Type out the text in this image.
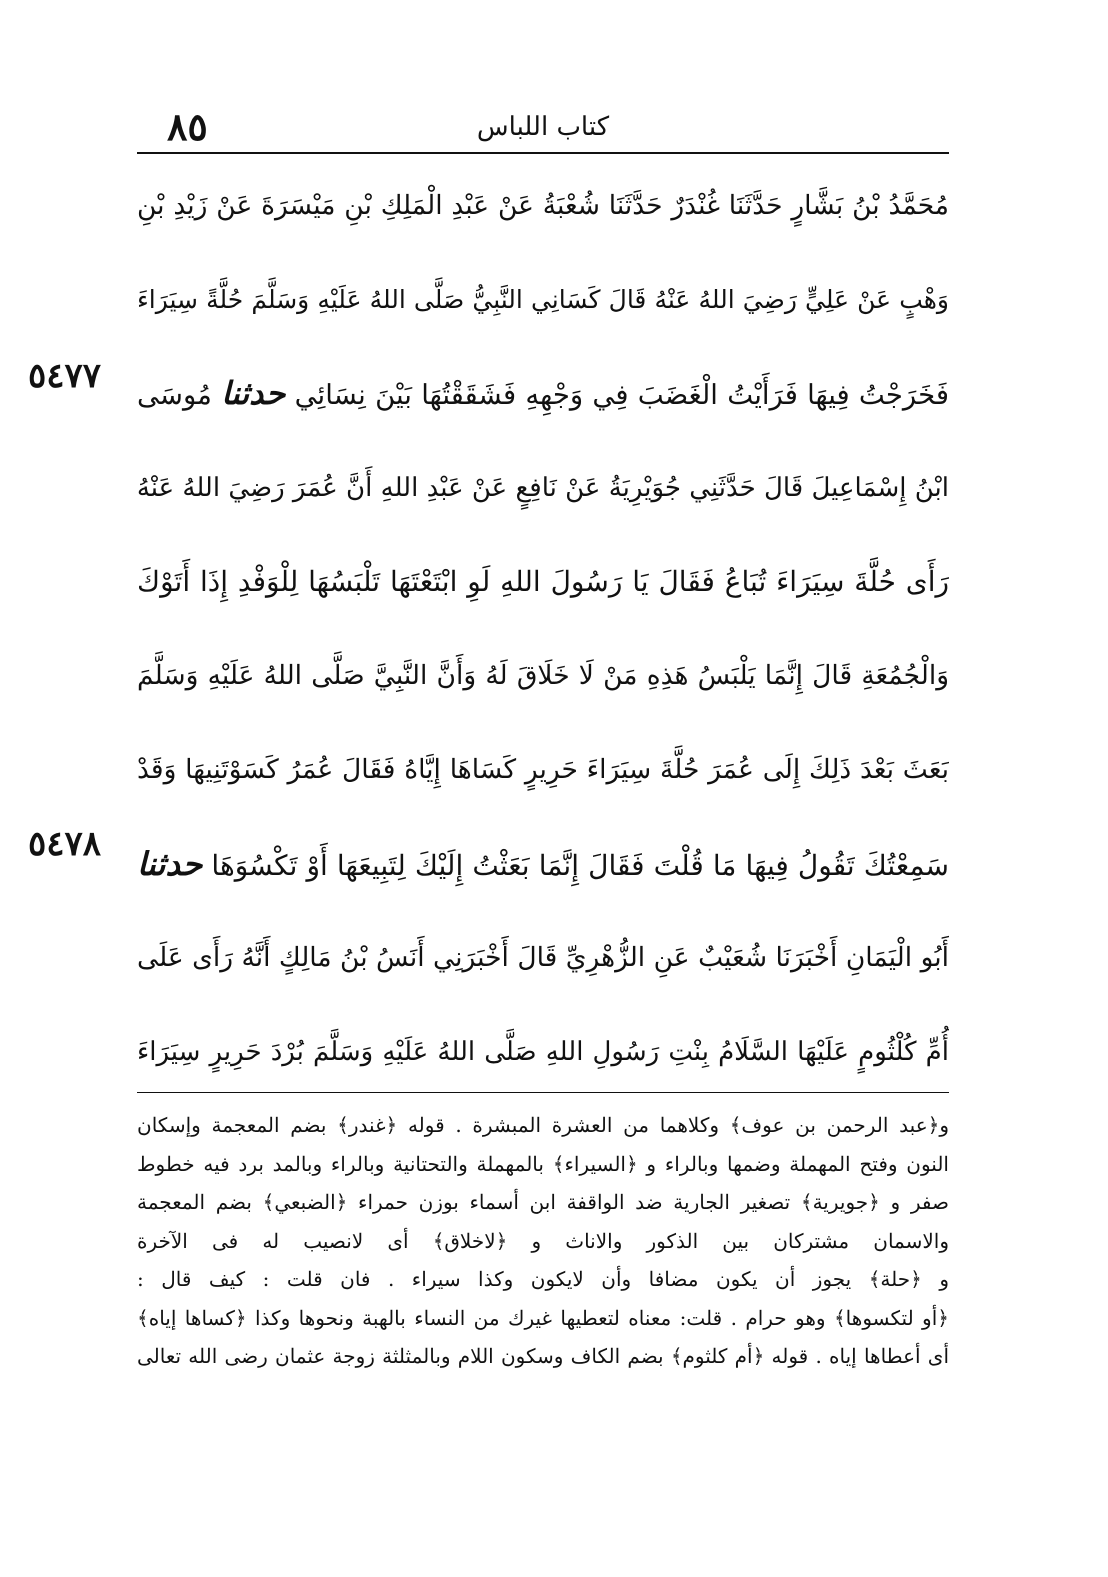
٨٥	كتاب اللباس
٥٤٧٧
٥٤٧٨
مُحَمَّدُ بْنُ بَشَّارٍ حَدَّثَنَا غُنْدَرٌ حَدَّثَنَا شُعْبَةُ عَنْ عَبْدِ الْمَلِكِ بْنِ مَيْسَرَةَ عَنْ زَيْدِ بْنِ
وَهْبٍ عَنْ عَلِيٍّ رَضِيَ اللهُ عَنْهُ قَالَ كَسَانِي النَّبِيُّ صَلَّى اللهُ عَلَيْهِ وَسَلَّمَ حُلَّةً سِيَرَاءَ
فَخَرَجْتُ فِيهَا فَرَأَيْتُ الْغَضَبَ فِي وَجْهِهِ فَشَقَقْتُهَا بَيْنَ نِسَائِي حدثنا مُوسَى
ابْنُ إِسْمَاعِيلَ قَالَ حَدَّثَنِي جُوَيْرِيَةُ عَنْ نَافِعٍ عَنْ عَبْدِ اللهِ أَنَّ عُمَرَ رَضِيَ اللهُ عَنْهُ
رَأَى حُلَّةَ سِيَرَاءَ تُبَاعُ فَقَالَ يَا رَسُولَ اللهِ لَوِ ابْتَعْتَهَا تَلْبَسُهَا لِلْوَفْدِ إِذَا أَتَوْكَ
وَالْجُمُعَةِ قَالَ إِنَّمَا يَلْبَسُ هَذِهِ مَنْ لَا خَلَاقَ لَهُ وَأَنَّ النَّبِيَّ صَلَّى اللهُ عَلَيْهِ وَسَلَّمَ
بَعَثَ بَعْدَ ذَلِكَ إِلَى عُمَرَ حُلَّةَ سِيَرَاءَ حَرِيرٍ كَسَاهَا إِيَّاهُ فَقَالَ عُمَرُ كَسَوْتَنِيهَا وَقَدْ
سَمِعْتُكَ تَقُولُ فِيهَا مَا قُلْتَ فَقَالَ إِنَّمَا بَعَثْتُ إِلَيْكَ لِتَبِيعَهَا أَوْ تَكْسُوَهَا حدثنا
أَبُو الْيَمَانِ أَخْبَرَنَا شُعَيْبٌ عَنِ الزُّهْرِيِّ قَالَ أَخْبَرَنِي أَنَسُ بْنُ مَالِكٍ أَنَّهُ رَأَى عَلَى
أُمِّ كُلْثُومٍ عَلَيْهَا السَّلَامُ بِنْتِ رَسُولِ اللهِ صَلَّى اللهُ عَلَيْهِ وَسَلَّمَ بُرْدَ حَرِيرٍ سِيَرَاءَ
و﴿عبد الرحمن بن عوف﴾ وكلاهما من العشرة المبشرة . قوله ﴿غندر﴾ بضم المعجمة وإسكان
النون وفتح المهملة وضمها وبالراء و ﴿السيراء﴾ بالمهملة والتحتانية وبالراء وبالمد برد فيه خطوط
صفر و ﴿جويرية﴾ تصغير الجارية ضد الواقفة ابن أسماء بوزن حمراء ﴿الضبعي﴾ بضم المعجمة
والاسمان مشتركان بين الذكور والاناث و ﴿لاخلاق﴾ أى لانصيب له فى الآخرة
و ﴿حلة﴾ يجوز أن يكون مضافا وأن لايكون وكذا سيراء . فان قلت : كيف قال :
﴿أو لتكسوها﴾ وهو حرام . قلت: معناه لتعطيها غيرك من النساء بالهبة ونحوها وكذا ﴿كساها إياه﴾
أى أعطاها إياه . قوله ﴿أم كلثوم﴾ بضم الكاف وسكون اللام وبالمثلثة زوجة عثمان رضى الله تعالى
